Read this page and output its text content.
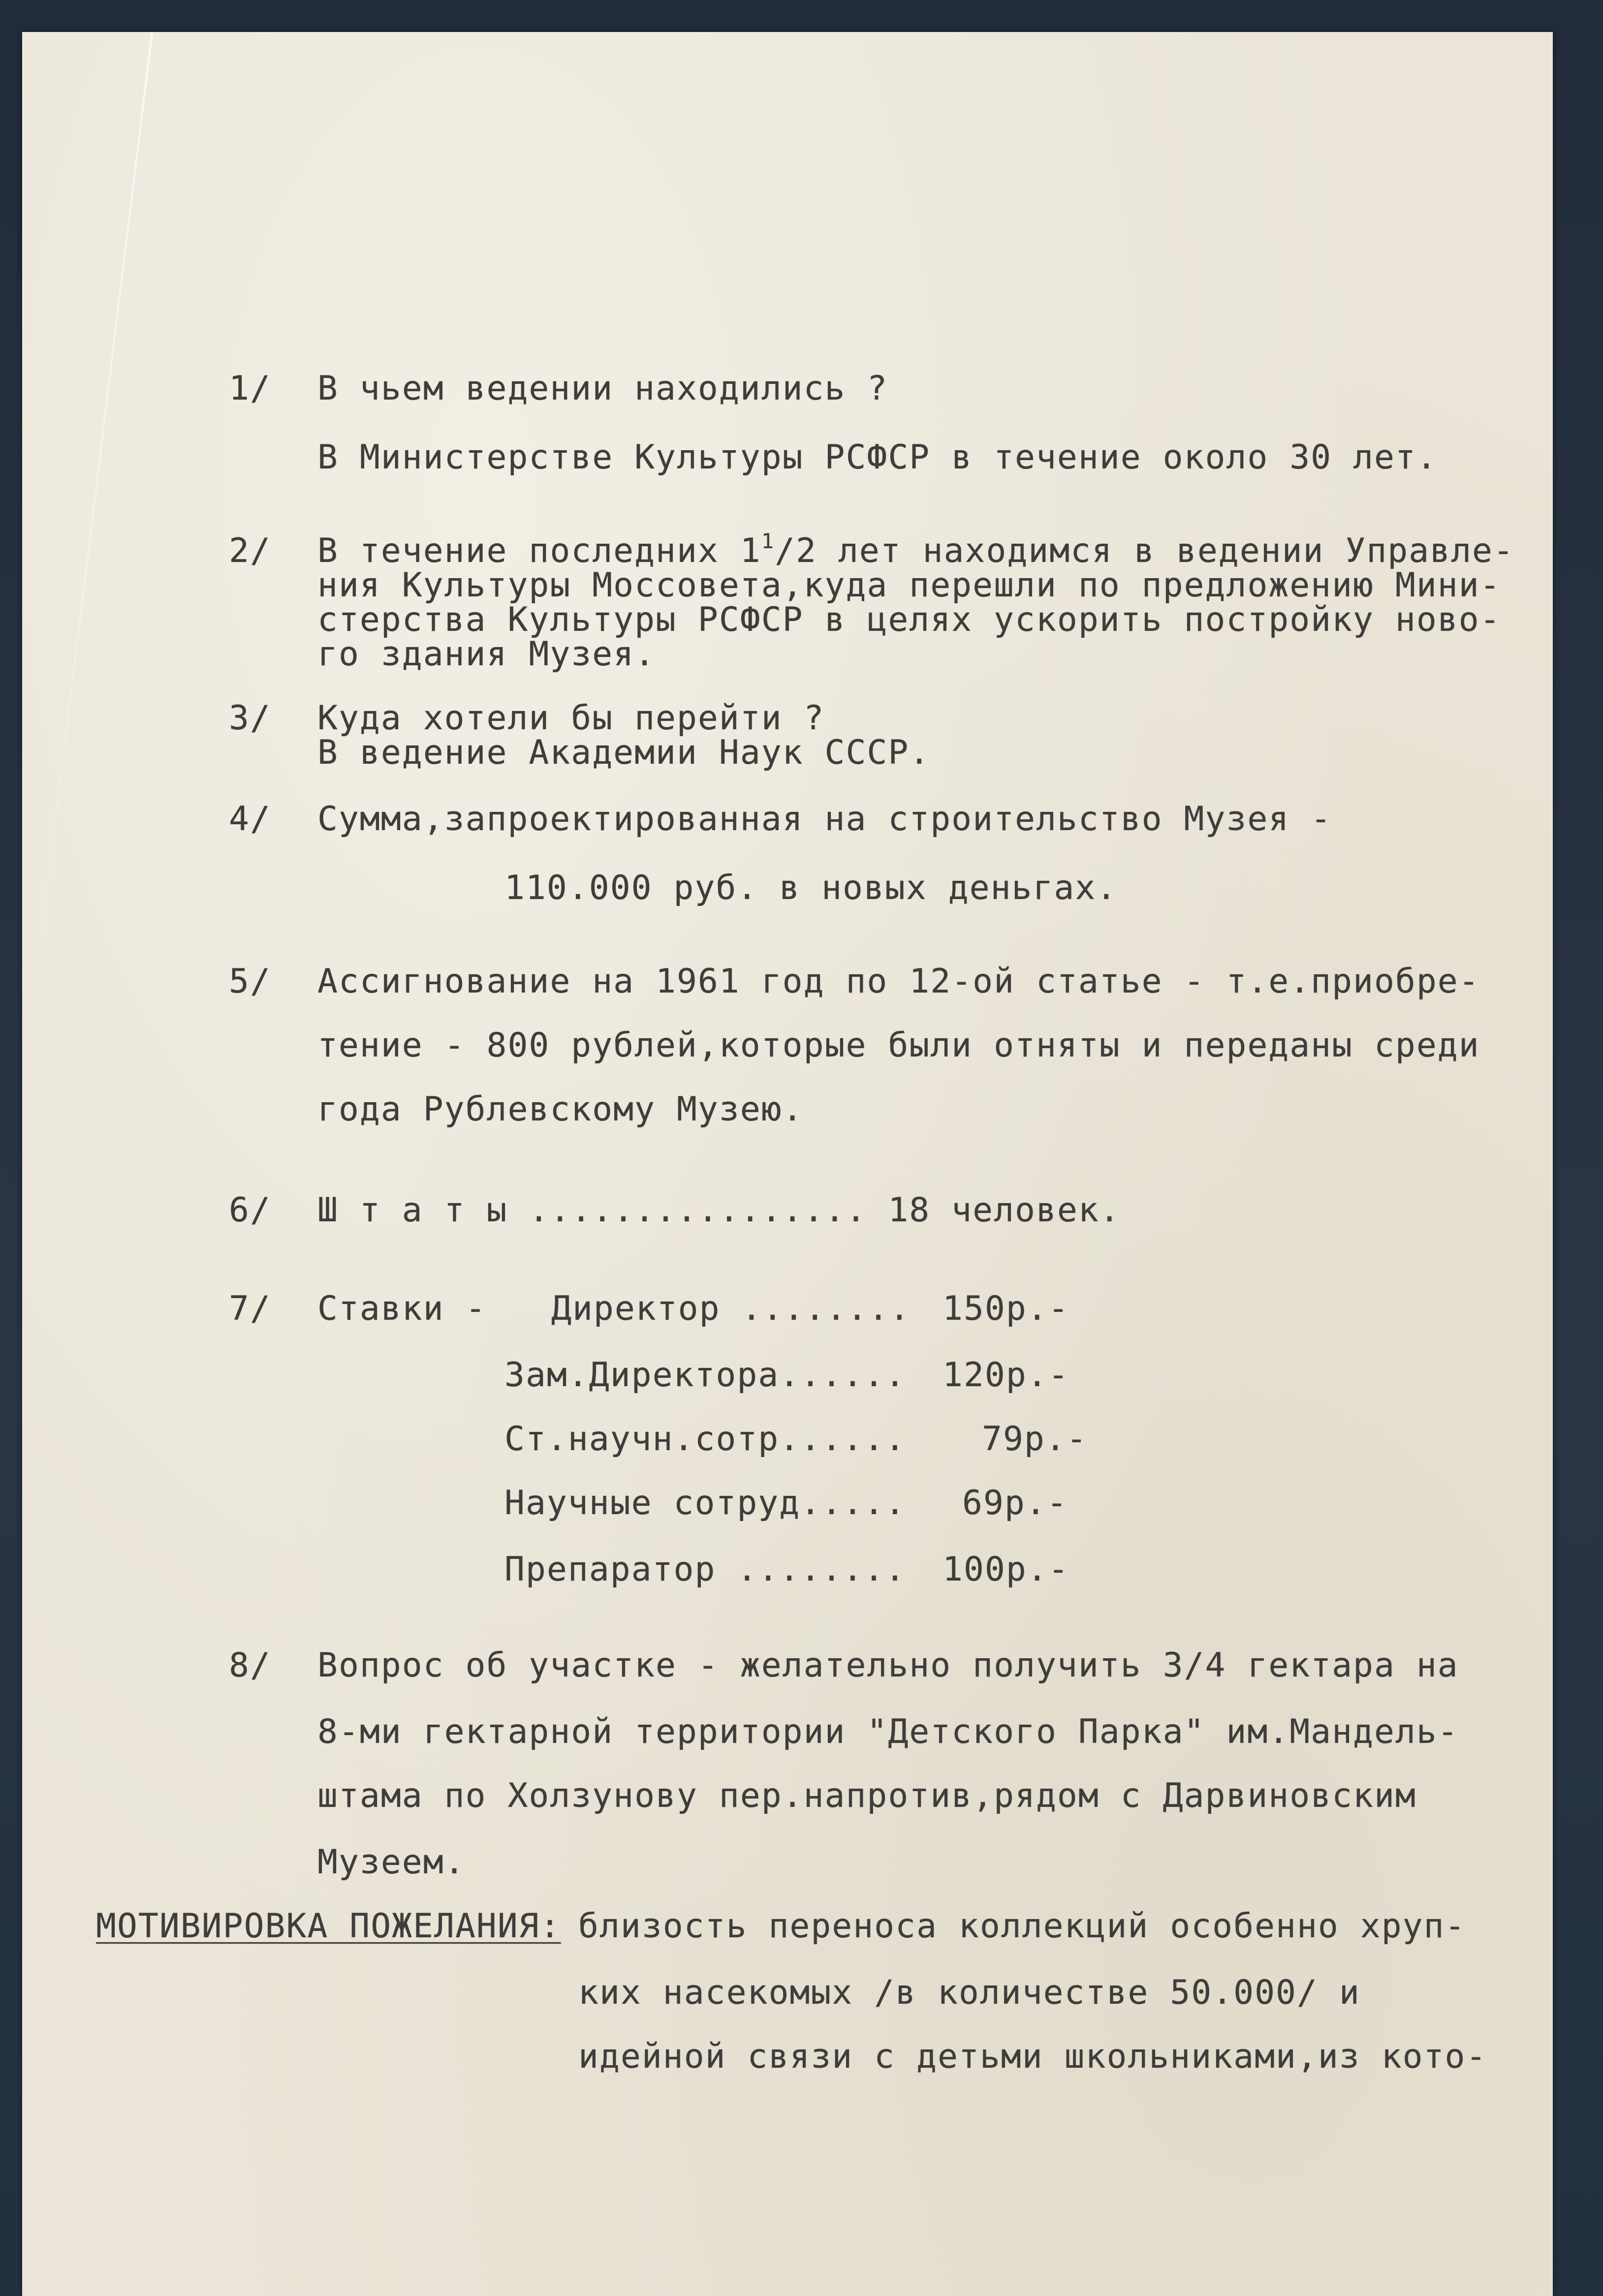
1/ В чьем ведении находились ?
В Министерстве Культуры РСФСР в течение около 30 лет.
2/ В течение последних $1^1/2$ лет находимся в ведении Управле-
ния Культуры Моссовета,куда перешли по предложению Мини-
стерства Культуры РСФСР в целях ускорить постройку ново-
го здания Музея.
3/ Куда хотели бы перейти ?
В ведение Академии Наук СССР.
4/ Сумма,запроектированная на строительство Музея -
110.000 руб. в новых деньгах.
5/ Ассигнование на 1961 год по 12-ой статье - т.е.приобре-
тение - 800 рублей,которые были отняты и переданы среди
года Рублевскому Музею.
6/ Ш т а т ы ................ 18 человек.
7/ Ставки - Директор ........ 150р.-
Зам.Директора...... 120р.-
Ст.научн.сотр...... 79р.-
Научные сотруд..... 69р.-
Препаратор ........ 100р.-
8/ Вопрос об участке - желательно получить 3/4 гектара на
8-ми гектарной территории "Детского Парка" им.Мандель-
штама по Холзунову пер.напротив,рядом с Дарвиновским
Музеем.
МОТИВИРОВКА ПОЖЕЛАНИЯ: близость переноса коллекций особенно хруп-
ких насекомых /в количестве 50.000/ и
идейной связи с детьми школьниками,из кото-
